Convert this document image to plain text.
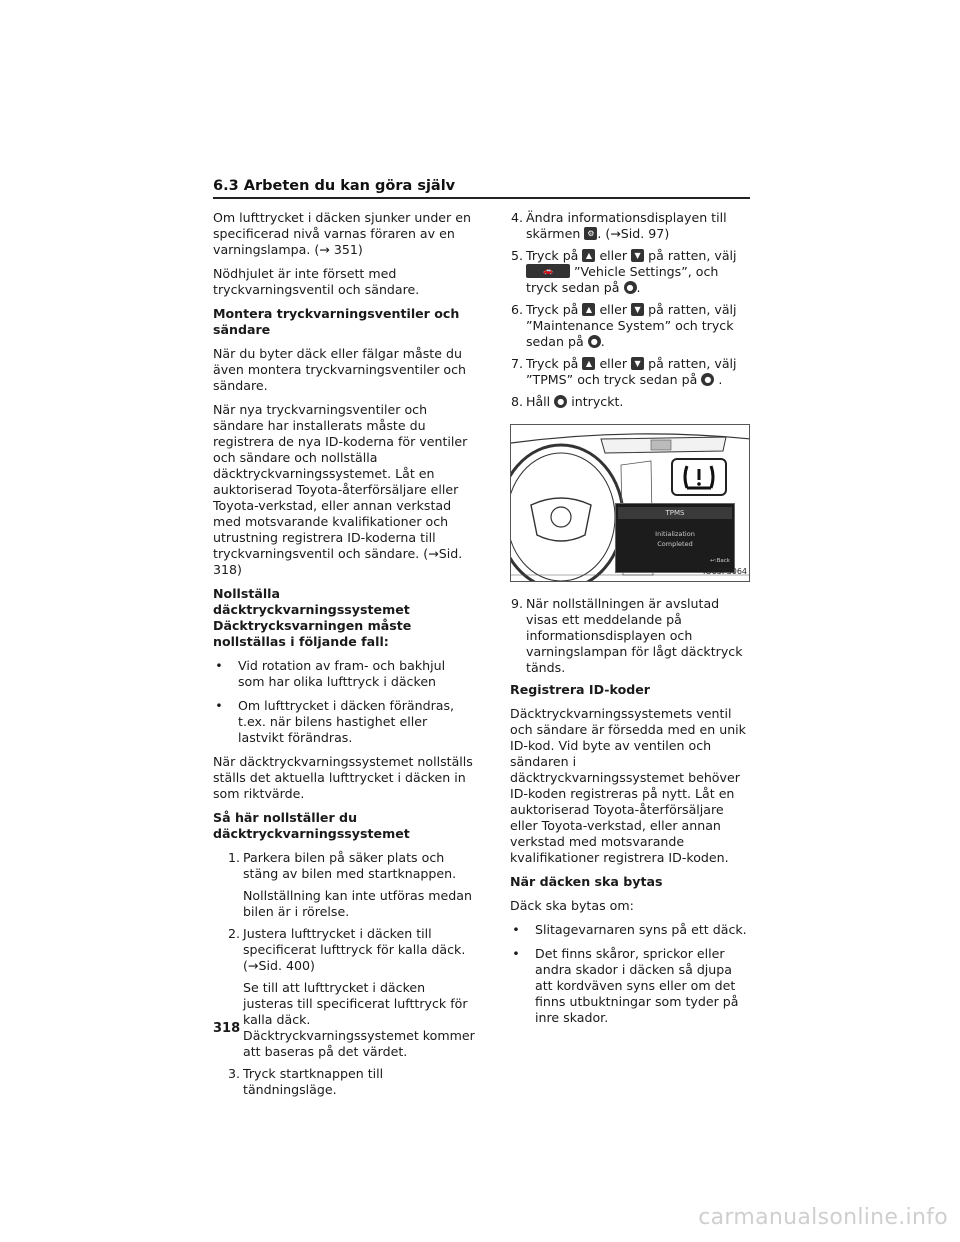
6.3 Arbeten du kan göra själv

Om lufttrycket i däcken sjunker under en specificerad nivå varnas föraren av en varningslampa. (→ 351)

Nödhjulet är inte försett med tryckvarningsventil och sändare.

Montera tryckvarningsventiler och sändare

När du byter däck eller fälgar måste du även montera tryckvarningsventiler och sändare.

När nya tryckvarningsventiler och sändare har installerats måste du registrera de nya ID-koderna för ventiler och sändare och nollställa däcktryckvarningssystemet. Låt en auktoriserad Toyota-återförsäljare eller Toyota-verkstad, eller annan verkstad med motsvarande kvalifikationer och utrustning registrera ID-koderna till tryckvarningsventil och sändare. (→Sid. 318)

Nollställa däcktryckvarningssystemet Däcktrycksvarningen måste nollställas i följande fall:
• Vid rotation av fram- och bakhjul som har olika lufttryck i däcken
• Om lufttrycket i däcken förändras, t.ex. när bilens hastighet eller lastvikt förändras.

När däcktryckvarningssystemet nollställs ställs det aktuella lufttrycket i däcken in som riktvärde.

Så här nollställer du däcktryckvarningssystemet
1. Parkera bilen på säker plats och stäng av bilen med startknappen.
Nollställning kan inte utföras medan bilen är i rörelse.
2. Justera lufttrycket i däcken till specificerat lufttryck för kalla däck. (→Sid. 400)
Se till att lufttrycket i däcken justeras till specificerat lufttryck för kalla däck. Däcktryckvarningssystemet kommer att baseras på det värdet.
3. Tryck startknappen till tändningsläge.
4. Ändra informationsdisplayen till skärmen ⚙ . (→Sid. 97)
5. Tryck på ▲ eller ▼ på ratten, välj

🚗	”Vehicle Settings”, och tryck sedan på ● .
6. Tryck på ▲ eller ▼ på ratten, välj ”Maintenance System” och tryck sedan på ● .
7. Tryck på ▲ eller ▼ på ratten, välj ”TPMS” och tryck sedan på ● .
8. Håll ● intryckt.
TPMS
Initialization
Completed
↩:Back
IO63PS064
9. När nollställningen är avslutad visas ett meddelande på informationsdisplayen och varningslampan för lågt däcktryck tänds.
Registrera ID-koder

Däcktryckvarningssystemets ventil och sändare är försedda med en unik ID-kod. Vid byte av ventilen och sändaren i däcktryckvarningssystemet behöver ID-koden registreras på nytt. Låt en auktoriserad Toyota-återförsäljare eller Toyota-verkstad, eller annan verkstad med motsvarande kvalifikationer registrera ID-koden.

När däcken ska bytas

Däck ska bytas om:

• Slitagevarnaren syns på ett däck.
• Det finns skåror, sprickor eller andra skador i däcken så djupa att kordväven syns eller om det finns utbuktningar som tyder på inre skador.
318
carmanualsonline.info
